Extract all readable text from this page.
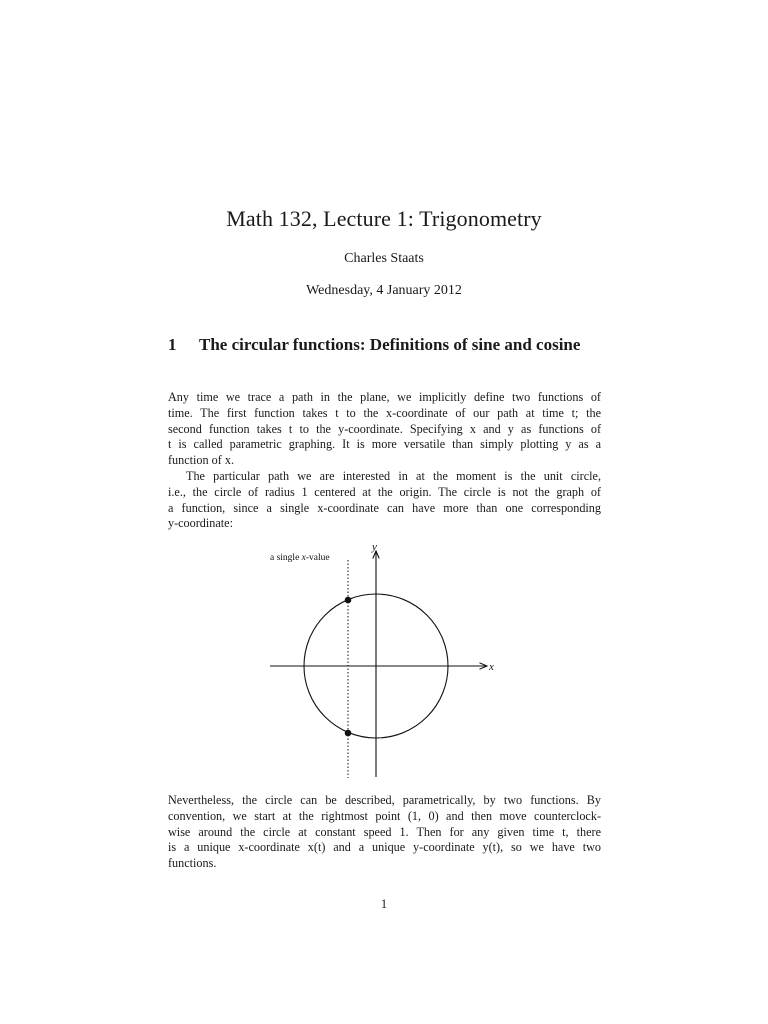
Math 132, Lecture 1: Trigonometry
Charles Staats
Wednesday, 4 January 2012
1 The circular functions: Definitions of sine and cosine
Any time we trace a path in the plane, we implicitly define two functions of
time. The first function takes t to the x-coordinate of our path at time t; the
second function takes t to the y-coordinate. Specifying x and y as functions of
t is called parametric graphing. It is more versatile than simply plotting y as a
function of x.
The particular path we are interested in at the moment is the unit circle,
i.e., the circle of radius 1 centered at the origin. The circle is not the graph of
a function, since a single x-coordinate can have more than one corresponding
y-coordinate:
x
y
a single x-value
Nevertheless, the circle can be described, parametrically, by two functions. By
convention, we start at the rightmost point (1, 0) and then move counterclock-
wise around the circle at constant speed 1. Then for any given time t, there
is a unique x-coordinate x(t) and a unique y-coordinate y(t), so we have two
functions.
1
